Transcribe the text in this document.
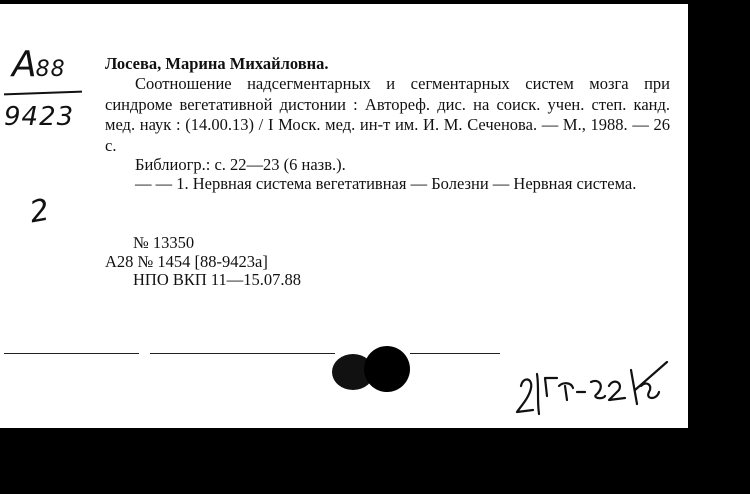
A88
9423
2
Лосева, Марина Михайловна.
Соотношение надсегментарных и сегментарных систем мозга при синдроме вегетативной дистонии : Автореф. дис. на соиск. учен. степ. канд. мед. наук : (14.00.13) / I Моск. мед. ин-т им. И. М. Сеченова. — М., 1988. — 26 с.
Библиогр.: с. 22—23 (6 назв.).
— — 1. Нервная система вегетативная — Болезни — Нервная система.
№ 13350
А28 № 1454 [88-9423а]
НПО ВКП 11—15.07.88
